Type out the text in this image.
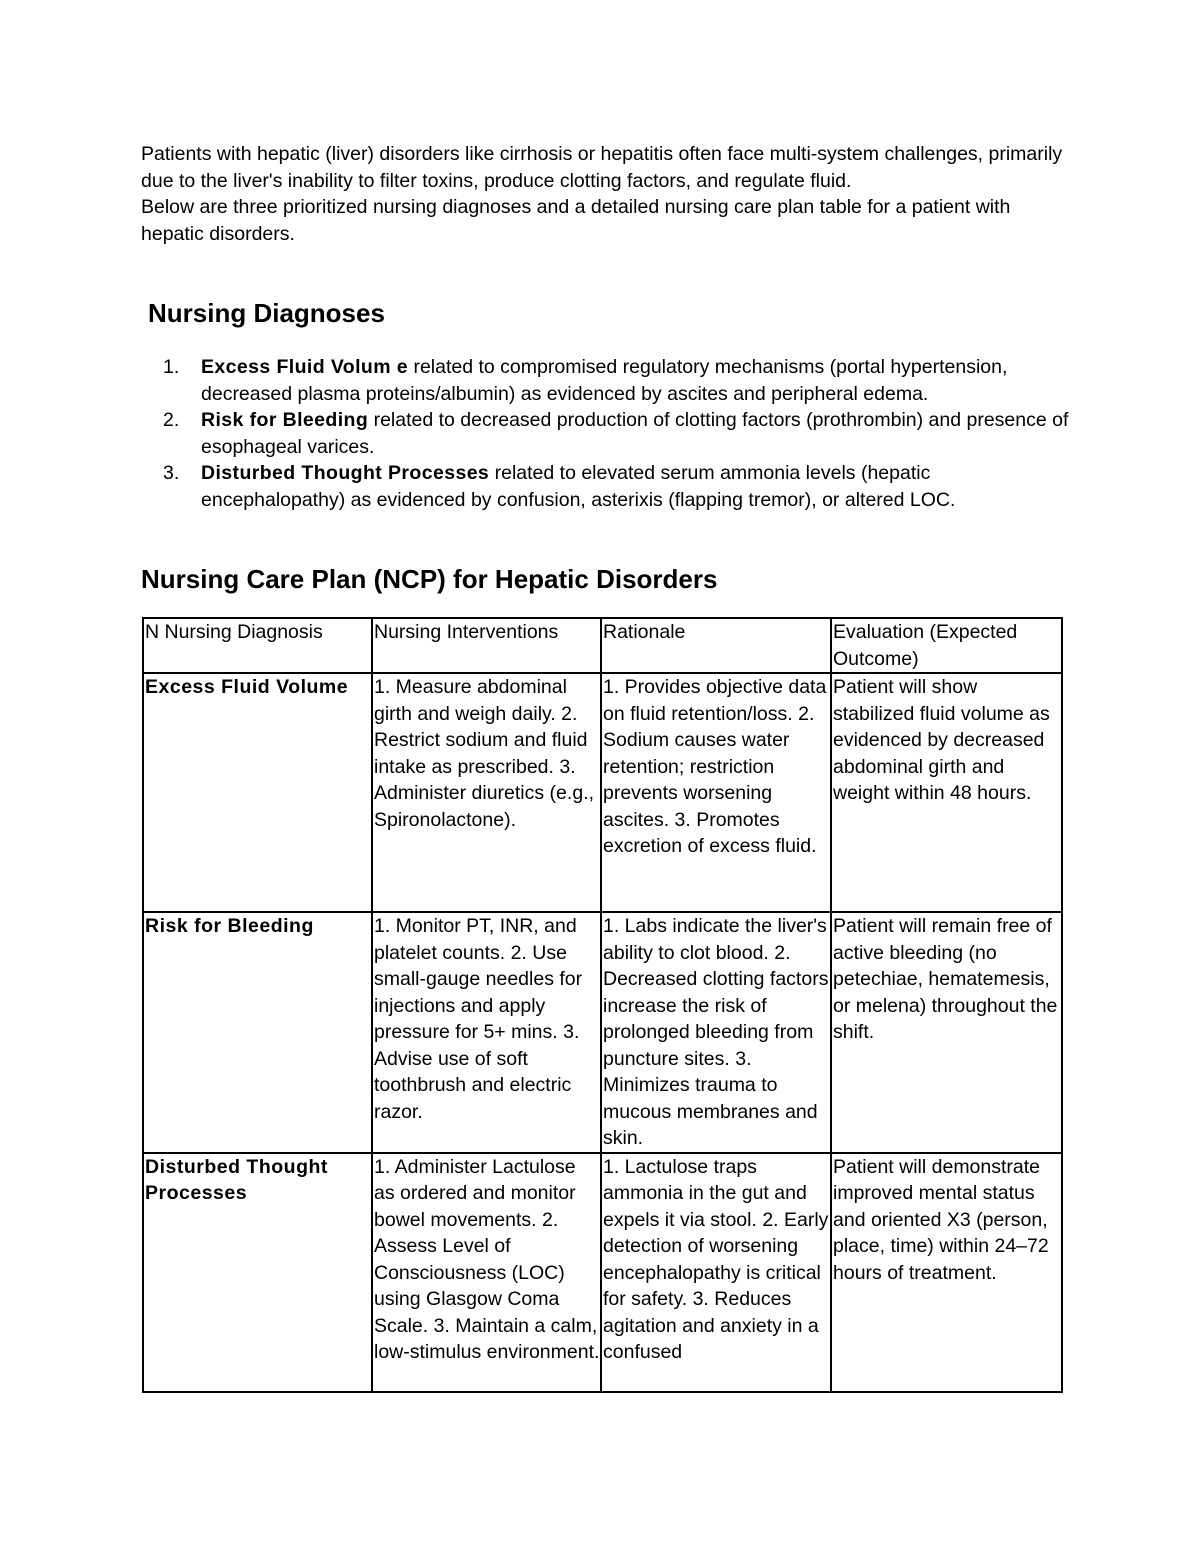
Patients with hepatic (liver) disorders like cirrhosis or hepatitis often face multi-system challenges, primarily due to the liver's inability to filter toxins, produce clotting factors, and regulate fluid.

Below are three prioritized nursing diagnoses and a detailed nursing care plan table for a patient with hepatic disorders.

Nursing Diagnoses
1. Excess Fluid Volum e related to compromised regulatory mechanisms (portal hypertension, decreased plasma proteins/albumin) as evidenced by ascites and peripheral edema.
2. Risk for Bleeding related to decreased production of clotting factors (prothrombin) and presence of esophageal varices.
3. Disturbed Thought Processes related to elevated serum ammonia levels (hepatic encephalopathy) as evidenced by confusion, asterixis (flapping tremor), or altered LOC.
Nursing Care Plan (NCP) for Hepatic Disorders
N Nursing Diagnosis	Nursing Interventions	Rationale	Evaluation (Expected Outcome)
Excess Fluid Volume	1. Measure abdominal girth and weigh daily. 2. Restrict sodium and fluid intake as prescribed. 3. Administer diuretics (e.g., Spironolactone).	1. Provides objective data on fluid retention/loss. 2. Sodium causes water retention; restriction prevents worsening ascites. 3. Promotes excretion of excess fluid.	Patient will show stabilized fluid volume as evidenced by decreased abdominal girth and weight within 48 hours.
Risk for Bleeding	1. Monitor PT, INR, and platelet counts. 2. Use small-gauge needles for injections and apply pressure for 5+ mins. 3. Advise use of soft toothbrush and electric razor.	1. Labs indicate the liver's ability to clot blood. 2. Decreased clotting factors increase the risk of prolonged bleeding from puncture sites. 3. Minimizes trauma to mucous membranes and skin.	Patient will remain free of active bleeding (no petechiae, hematemesis, or melena) throughout the shift.
Disturbed Thought Processes	1. Administer Lactulose as ordered and monitor bowel movements. 2. Assess Level of Consciousness (LOC) using Glasgow Coma Scale. 3. Maintain a calm, low-stimulus environment.	1. Lactulose traps ammonia in the gut and expels it via stool. 2. Early detection of worsening encephalopathy is critical for safety. 3. Reduces agitation and anxiety in a confused	Patient will demonstrate improved mental status and oriented X3 (person, place, time) within 24–72 hours of treatment.
